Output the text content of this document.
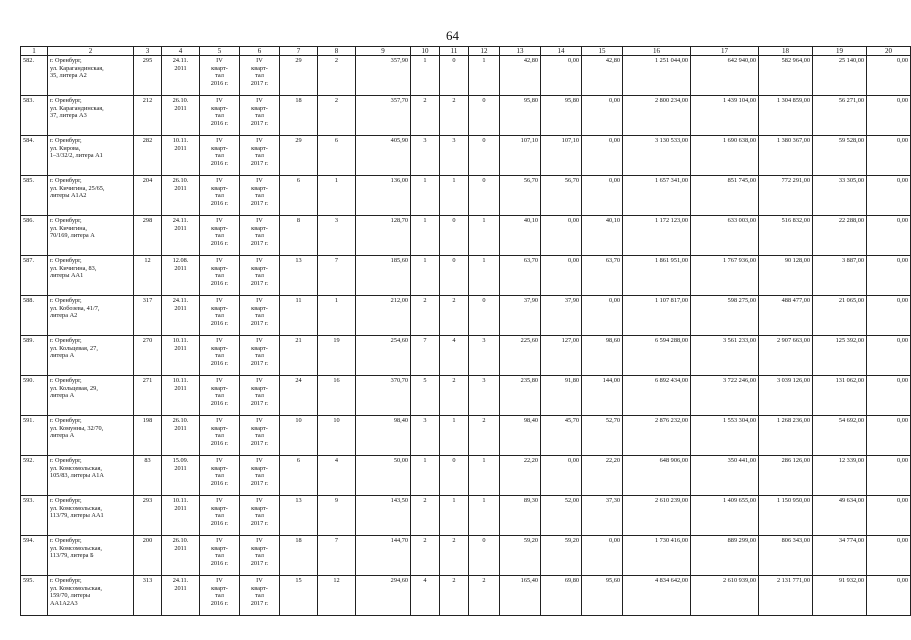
64
1	2	3	4	5	6	7	8	9	10	11	12	13	14	15	16	17	18	19	20
582.	г. Оренбург,
ул. Карагандинская,
35, литера А2	295	24.11.
2011	IV
кварт-
тал
2016 г.	IV
кварт-
тал
2017 г.	29	2	357,90	1	0	1	42,80	0,00	42,80	1 251 044,00	642 940,00	582 964,00	25 140,00	0,00
583.	г. Оренбург,
ул. Карагандинская,
37, литера А3	212	26.10.
2011	IV
кварт-
тал
2016 г.	IV
кварт-
тал
2017 г.	18	2	357,70	2	2	0	95,80	95,80	0,00	2 800 234,00	1 439 104,00	1 304 859,00	56 271,00	0,00
584.	г. Оренбург,
ул. Кирова,
1–3/32/2, литера А1	282	10.11.
2011	IV
кварт-
тал
2016 г.	IV
кварт-
тал
2017 г.	29	6	405,90	3	3	0	107,10	107,10	0,00	3 130 533,00	1 690 638,00	1 380 367,00	59 528,00	0,00
585.	г. Оренбург,
ул. Кичигина, 25/65,
литеры А1А2	204	26.10.
2011	IV
кварт-
тал
2016 г.	IV
кварт-
тал
2017 г.	6	1	136,00	1	1	0	56,70	56,70	0,00	1 657 341,00	851 745,00	772 291,00	33 305,00	0,00
586.	г. Оренбург,
ул. Кичигина,
70/169, литера А	298	24.11.
2011	IV
кварт-
тал
2016 г.	IV
кварт-
тал
2017 г.	8	3	128,70	1	0	1	40,10	0,00	40,10	1 172 123,00	633 003,00	516 832,00	22 288,00	0,00
587.	г. Оренбург,
ул. Кичигина, 83,
литеры АА1	12	12.08.
2011	IV
кварт-
тал
2016 г.	IV
кварт-
тал
2017 г.	13	7	185,60	1	0	1	63,70	0,00	63,70	1 861 951,00	1 767 936,00	90 128,00	3 887,00	0,00
588.	г. Оренбург,
ул. Кобозева, 41/7,
литера А2	317	24.11.
2011	IV
кварт-
тал
2016 г.	IV
кварт-
тал
2017 г.	11	1	212,00	2	2	0	37,90	37,90	0,00	1 107 817,00	598 275,00	488 477,00	21 065,00	0,00
589.	г. Оренбург,
ул. Кольцевая, 27,
литера А	270	10.11.
2011	IV
кварт-
тал
2016 г.	IV
кварт-
тал
2017 г.	21	19	254,60	7	4	3	225,60	127,00	98,60	6 594 288,00	3 561 233,00	2 907 663,00	125 392,00	0,00
590.	г. Оренбург,
ул. Кольцевая, 29,
литера А	271	10.11.
2011	IV
кварт-
тал
2016 г.	IV
кварт-
тал
2017 г.	24	16	370,70	5	2	3	235,80	91,80	144,00	6 892 434,00	3 722 246,00	3 039 126,00	131 062,00	0,00
591.	г. Оренбург,
ул. Комунны, 32/70,
литера А	198	26.10.
2011	IV
кварт-
тал
2016 г.	IV
кварт-
тал
2017 г.	10	10	98,40	3	1	2	98,40	45,70	52,70	2 876 232,00	1 553 304,00	1 268 236,00	54 692,00	0,00
592.	г. Оренбург,
ул. Комсомольская,
105/83, литеры А1А	83	15.09.
2011	IV
кварт-
тал
2016 г.	IV
кварт-
тал
2017 г.	6	4	50,00	1	0	1	22,20	0,00	22,20	648 906,00	350 441,00	286 126,00	12 339,00	0,00
593.	г. Оренбург,
ул. Комсомольская,
113/79, литеры АА1	293	10.11.
2011	IV
кварт-
тал
2016 г.	IV
кварт-
тал
2017 г.	13	9	143,50	2	1	1	89,30	52,00	37,30	2 610 239,00	1 409 655,00	1 150 950,00	49 634,00	0,00
594.	г. Оренбург,
ул. Комсомольская,
113/79, литера Б	200	26.10.
2011	IV
кварт-
тал
2016 г.	IV
кварт-
тал
2017 г.	18	7	144,70	2	2	0	59,20	59,20	0,00	1 730 416,00	889 299,00	806 343,00	34 774,00	0,00
595.	г. Оренбург,
ул. Комсомольская,
159/70, литеры
АА1А2А3	313	24.11.
2011	IV
кварт-
тал
2016 г.	IV
кварт-
тал
2017 г.	15	12	294,60	4	2	2	165,40	69,80	95,60	4 834 642,00	2 610 939,00	2 131 771,00	91 932,00	0,00
